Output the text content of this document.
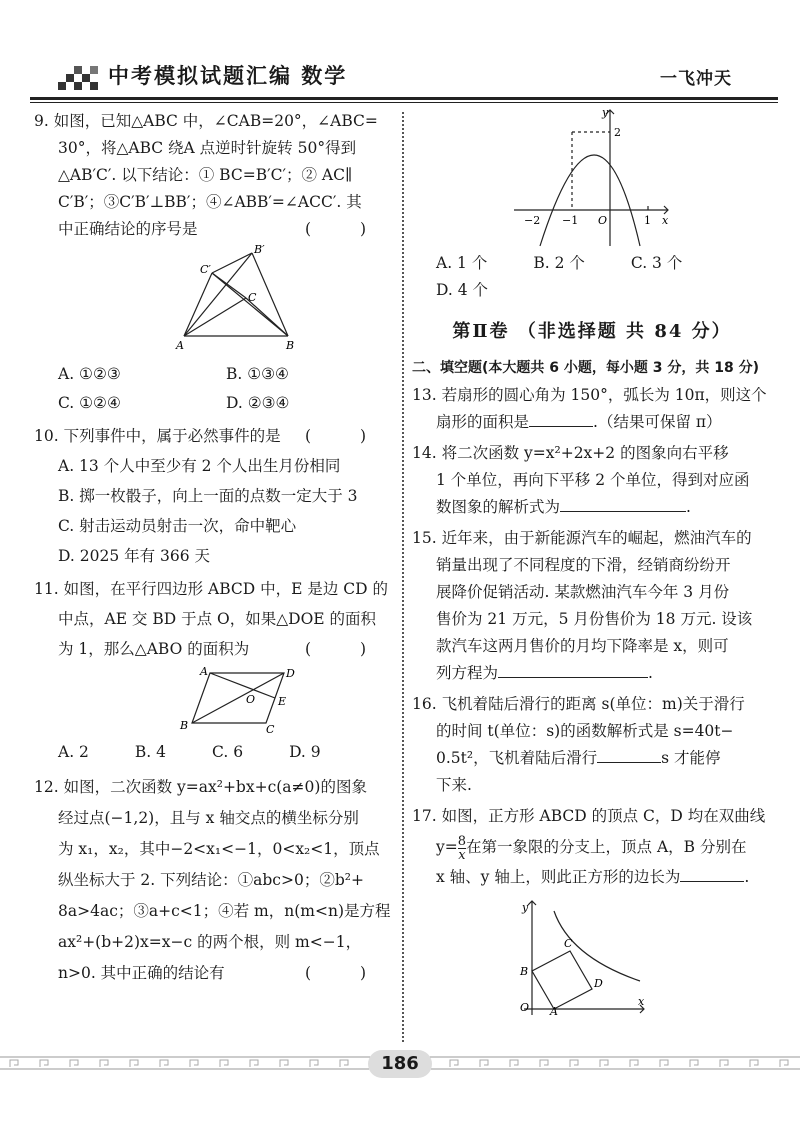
中考模拟试题汇编 数学	一飞冲天

9. 如图，已知△ABC 中，∠CAB=20°，∠ABC=

30°，将△ABC 绕A 点逆时针旋转 50°得到

△AB′C′. 以下结论：① BC=B′C′；② AC∥

C′B′；③C′B′⊥BB′；④∠ABB′=∠ACC′. 其

中正确结论的序号是	( )

B′
C′
C
A	B

A. ①②③	B. ①③④

C. ①②④	D. ②③④

10. 下列事件中，属于必然事件的是 ( )

A. 13 个人中至少有 2 个人出生月份相同

B. 掷一枚骰子，向上一面的点数一定大于 3

C. 射击运动员射击一次，命中靶心

D. 2025 年有 366 天

11. 如图，在平行四边形 ABCD 中，E 是边 CD 的

中点，AE 交 BD 于点 O，如果△DOE 的面积

为 1，那么△ABO 的面积为	( )

A	D
O E
B	C

A. 2	B. 4	C. 6	D. 9

12. 如图，二次函数 y=ax²+bx+c(a≠0)的图象

经过点(−1,2)，且与 x 轴交点的横坐标分别

为 x₁，x₂，其中−2<x₁<−1，0<x₂<1，顶点

纵坐标大于 2. 下列结论：①abc>0；②b²+

8a>4ac；③a+c<1；④若 m，n(m<n)是方程

ax²+(b+2)x=x−c 的两个根，则 m<−1，

n>0. 其中正确的结论有	( )

y
2
x
−2 −1 O	1

A. 1 个	B. 2 个	C. 3 个D. 4 个

第Ⅱ卷 （非选择题 共 84 分）

二、填空题(本大题共 6 小题，每小题 3 分，共 18 分)

13. 若扇形的圆心角为 150°，弧长为 10π，则这个

扇形的面积是	.（结果可保留 π）

14. 将二次函数 y=x²+2x+2 的图象向右平移

1 个单位，再向下平移 2 个单位，得到对应函

数图象的解析式为	.

15. 近年来，由于新能源汽车的崛起，燃油汽车的

销量出现了不同程度的下滑，经销商纷纷开

展降价促销活动. 某款燃油汽车今年 3 月份

售价为 21 万元，5 月份售价为 18 万元. 设该

款汽车这两月售价的月均下降率是 x，则可

列方程为	.

16. 飞机着陆后滑行的距离 s(单位：m)关于滑行

的时间 t(单位：s)的函数解析式是 s=40t−

0.5t²，飞机着陆后滑行	s 才能停

下来.

17. 如图，正方形 ABCD 的顶点 C，D 均在双曲线

$y= \frac{8}{x}$ 在第一象限的分支上，顶点 A，B 分别在

x 轴、y 轴上，则此正方形的边长为	.

y
C
D
B
O A
x
186
